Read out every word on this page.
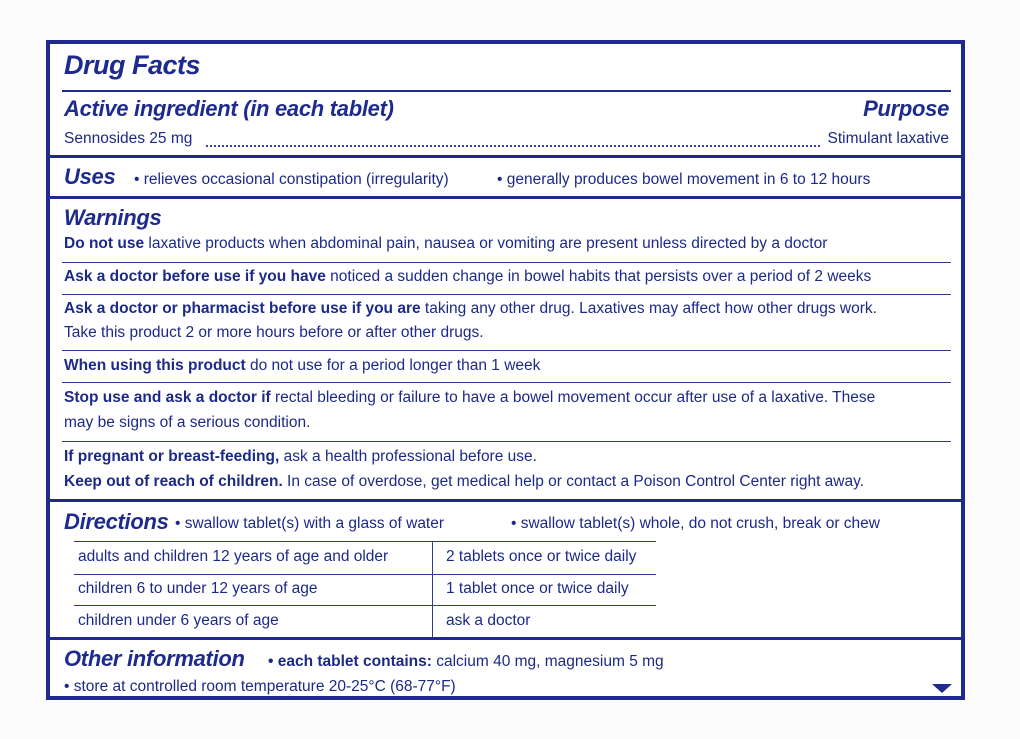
Drug Facts
Active ingredient (in each tablet)	Purpose
Sennosides 25 mg	Stimulant laxative
Uses • relieves occasional constipation (irregularity)	• generally produces bowel movement in 6 to 12 hours
Warnings
Do not use laxative products when abdominal pain, nausea or vomiting are present unless directed by a doctor
Ask a doctor before use if you have noticed a sudden change in bowel habits that persists over a period of 2 weeks
Ask a doctor or pharmacist before use if you are taking any other drug. Laxatives may affect how other drugs work.
Take this product 2 or more hours before or after other drugs.
When using this product do not use for a period longer than 1 week
Stop use and ask a doctor if rectal bleeding or failure to have a bowel movement occur after use of a laxative. These
may be signs of a serious condition.
If pregnant or breast-feeding, ask a health professional before use.
Keep out of reach of children. In case of overdose, get medical help or contact a Poison Control Center right away.
Directions • swallow tablet(s) with a glass of water	• swallow tablet(s) whole, do not crush, break or chew
adults and children 12 years of age and older	2 tablets once or twice daily
children 6 to under 12 years of age	1 tablet once or twice daily
children under 6 years of age	ask a doctor
Other information • each tablet contains: calcium 40 mg, magnesium 5 mg
• store at controlled room temperature 20-25°C (68-77°F)
